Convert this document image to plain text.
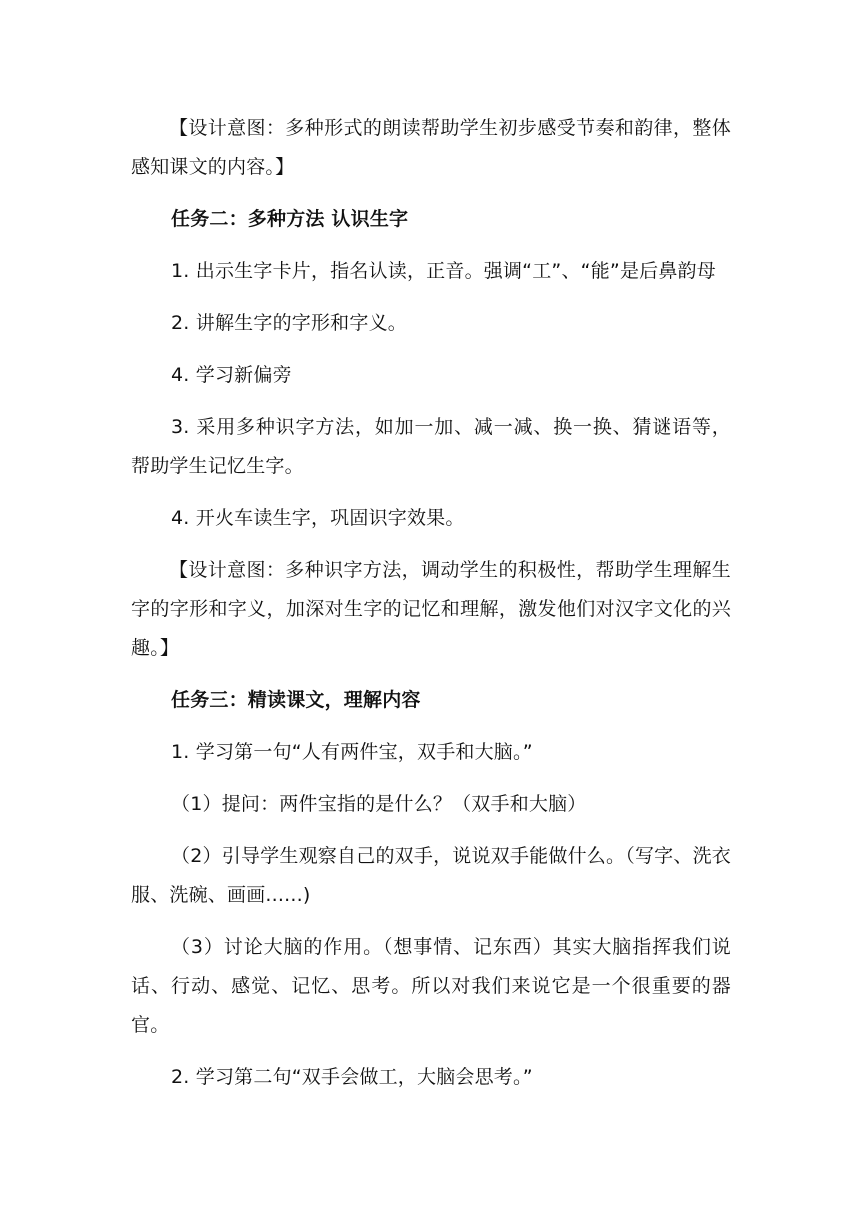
【设计意图：多种形式的朗读帮助学生初步感受节奏和韵律，整体感知课文的内容。】

任务二：多种方法 认识生字

1. 出示生字卡片，指名认读，正音。强调“工”、“能”是后鼻韵母

2. 讲解生字的字形和字义。

4. 学习新偏旁

3. 采用多种识字方法，如加一加、减一减、换一换、猜谜语等，帮助学生记忆生字。

4. 开火车读生字，巩固识字效果。

【设计意图：多种识字方法，调动学生的积极性，帮助学生理解生字的字形和字义，加深对生字的记忆和理解，激发他们对汉字文化的兴趣。】

任务三：精读课文，理解内容

1. 学习第一句“人有两件宝，双手和大脑。”

（1）提问：两件宝指的是什么？（双手和大脑）

（2）引导学生观察自己的双手，说说双手能做什么。（写字、洗衣服、洗碗、画画......)

（3）讨论大脑的作用。（想事情、记东西）其实大脑指挥我们说话、行动、感觉、记忆、思考。所以对我们来说它是一个很重要的器官。

2. 学习第二句“双手会做工，大脑会思考。”
